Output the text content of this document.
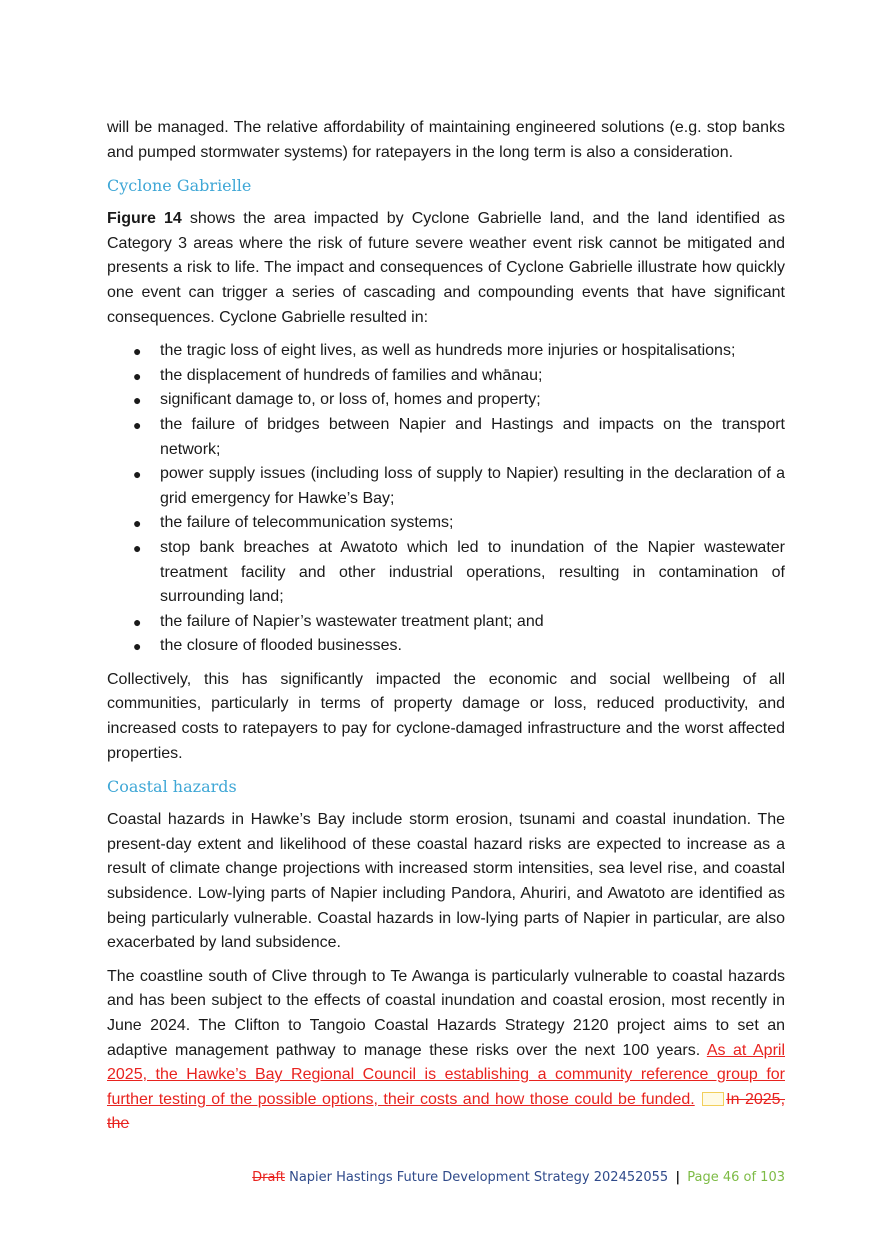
will be managed. The relative affordability of maintaining engineered solutions (e.g. stop banks and pumped stormwater systems) for ratepayers in the long term is also a consideration.

Cyclone Gabrielle

Figure 14 shows the area impacted by Cyclone Gabrielle land, and the land identified as Category 3 areas where the risk of future severe weather event risk cannot be mitigated and presents a risk to life. The impact and consequences of Cyclone Gabrielle illustrate how quickly one event can trigger a series of cascading and compounding events that have significant consequences. Cyclone Gabrielle resulted in:

● the tragic loss of eight lives, as well as hundreds more injuries or hospitalisations;
● the displacement of hundreds of families and whānau;
● significant damage to, or loss of, homes and property;
● the failure of bridges between Napier and Hastings and impacts on the transport network;
● power supply issues (including loss of supply to Napier) resulting in the declaration of a grid emergency for Hawke’s Bay;
● the failure of telecommunication systems;
● stop bank breaches at Awatoto which led to inundation of the Napier wastewater treatment facility and other industrial operations, resulting in contamination of surrounding land;
● the failure of Napier’s wastewater treatment plant; and
● the closure of flooded businesses.

Collectively, this has significantly impacted the economic and social wellbeing of all communities, particularly in terms of property damage or loss, reduced productivity, and increased costs to ratepayers to pay for cyclone-damaged infrastructure and the worst affected properties.

Coastal hazards

Coastal hazards in Hawke’s Bay include storm erosion, tsunami and coastal inundation. The present-day extent and likelihood of these coastal hazard risks are expected to increase as a result of climate change projections with increased storm intensities, sea level rise, and coastal subsidence. Low-lying parts of Napier including Pandora, Ahuriri, and Awatoto are identified as being particularly vulnerable. Coastal hazards in low-lying parts of Napier in particular, are also exacerbated by land subsidence.

The coastline south of Clive through to Te Awanga is particularly vulnerable to coastal hazards and has been subject to the effects of coastal inundation and coastal erosion, most recently in June 2024. The Clifton to Tangoio Coastal Hazards Strategy 2120 project aims to set an adaptive management pathway to manage these risks over the next 100 years. As at April 2025, the Hawke’s Bay Regional Council is establishing a community reference group for further testing of the possible options, their costs and how those could be funded. In 2025, the

Draft Napier Hastings Future Development Strategy 202452055 | Page 46 of 103
